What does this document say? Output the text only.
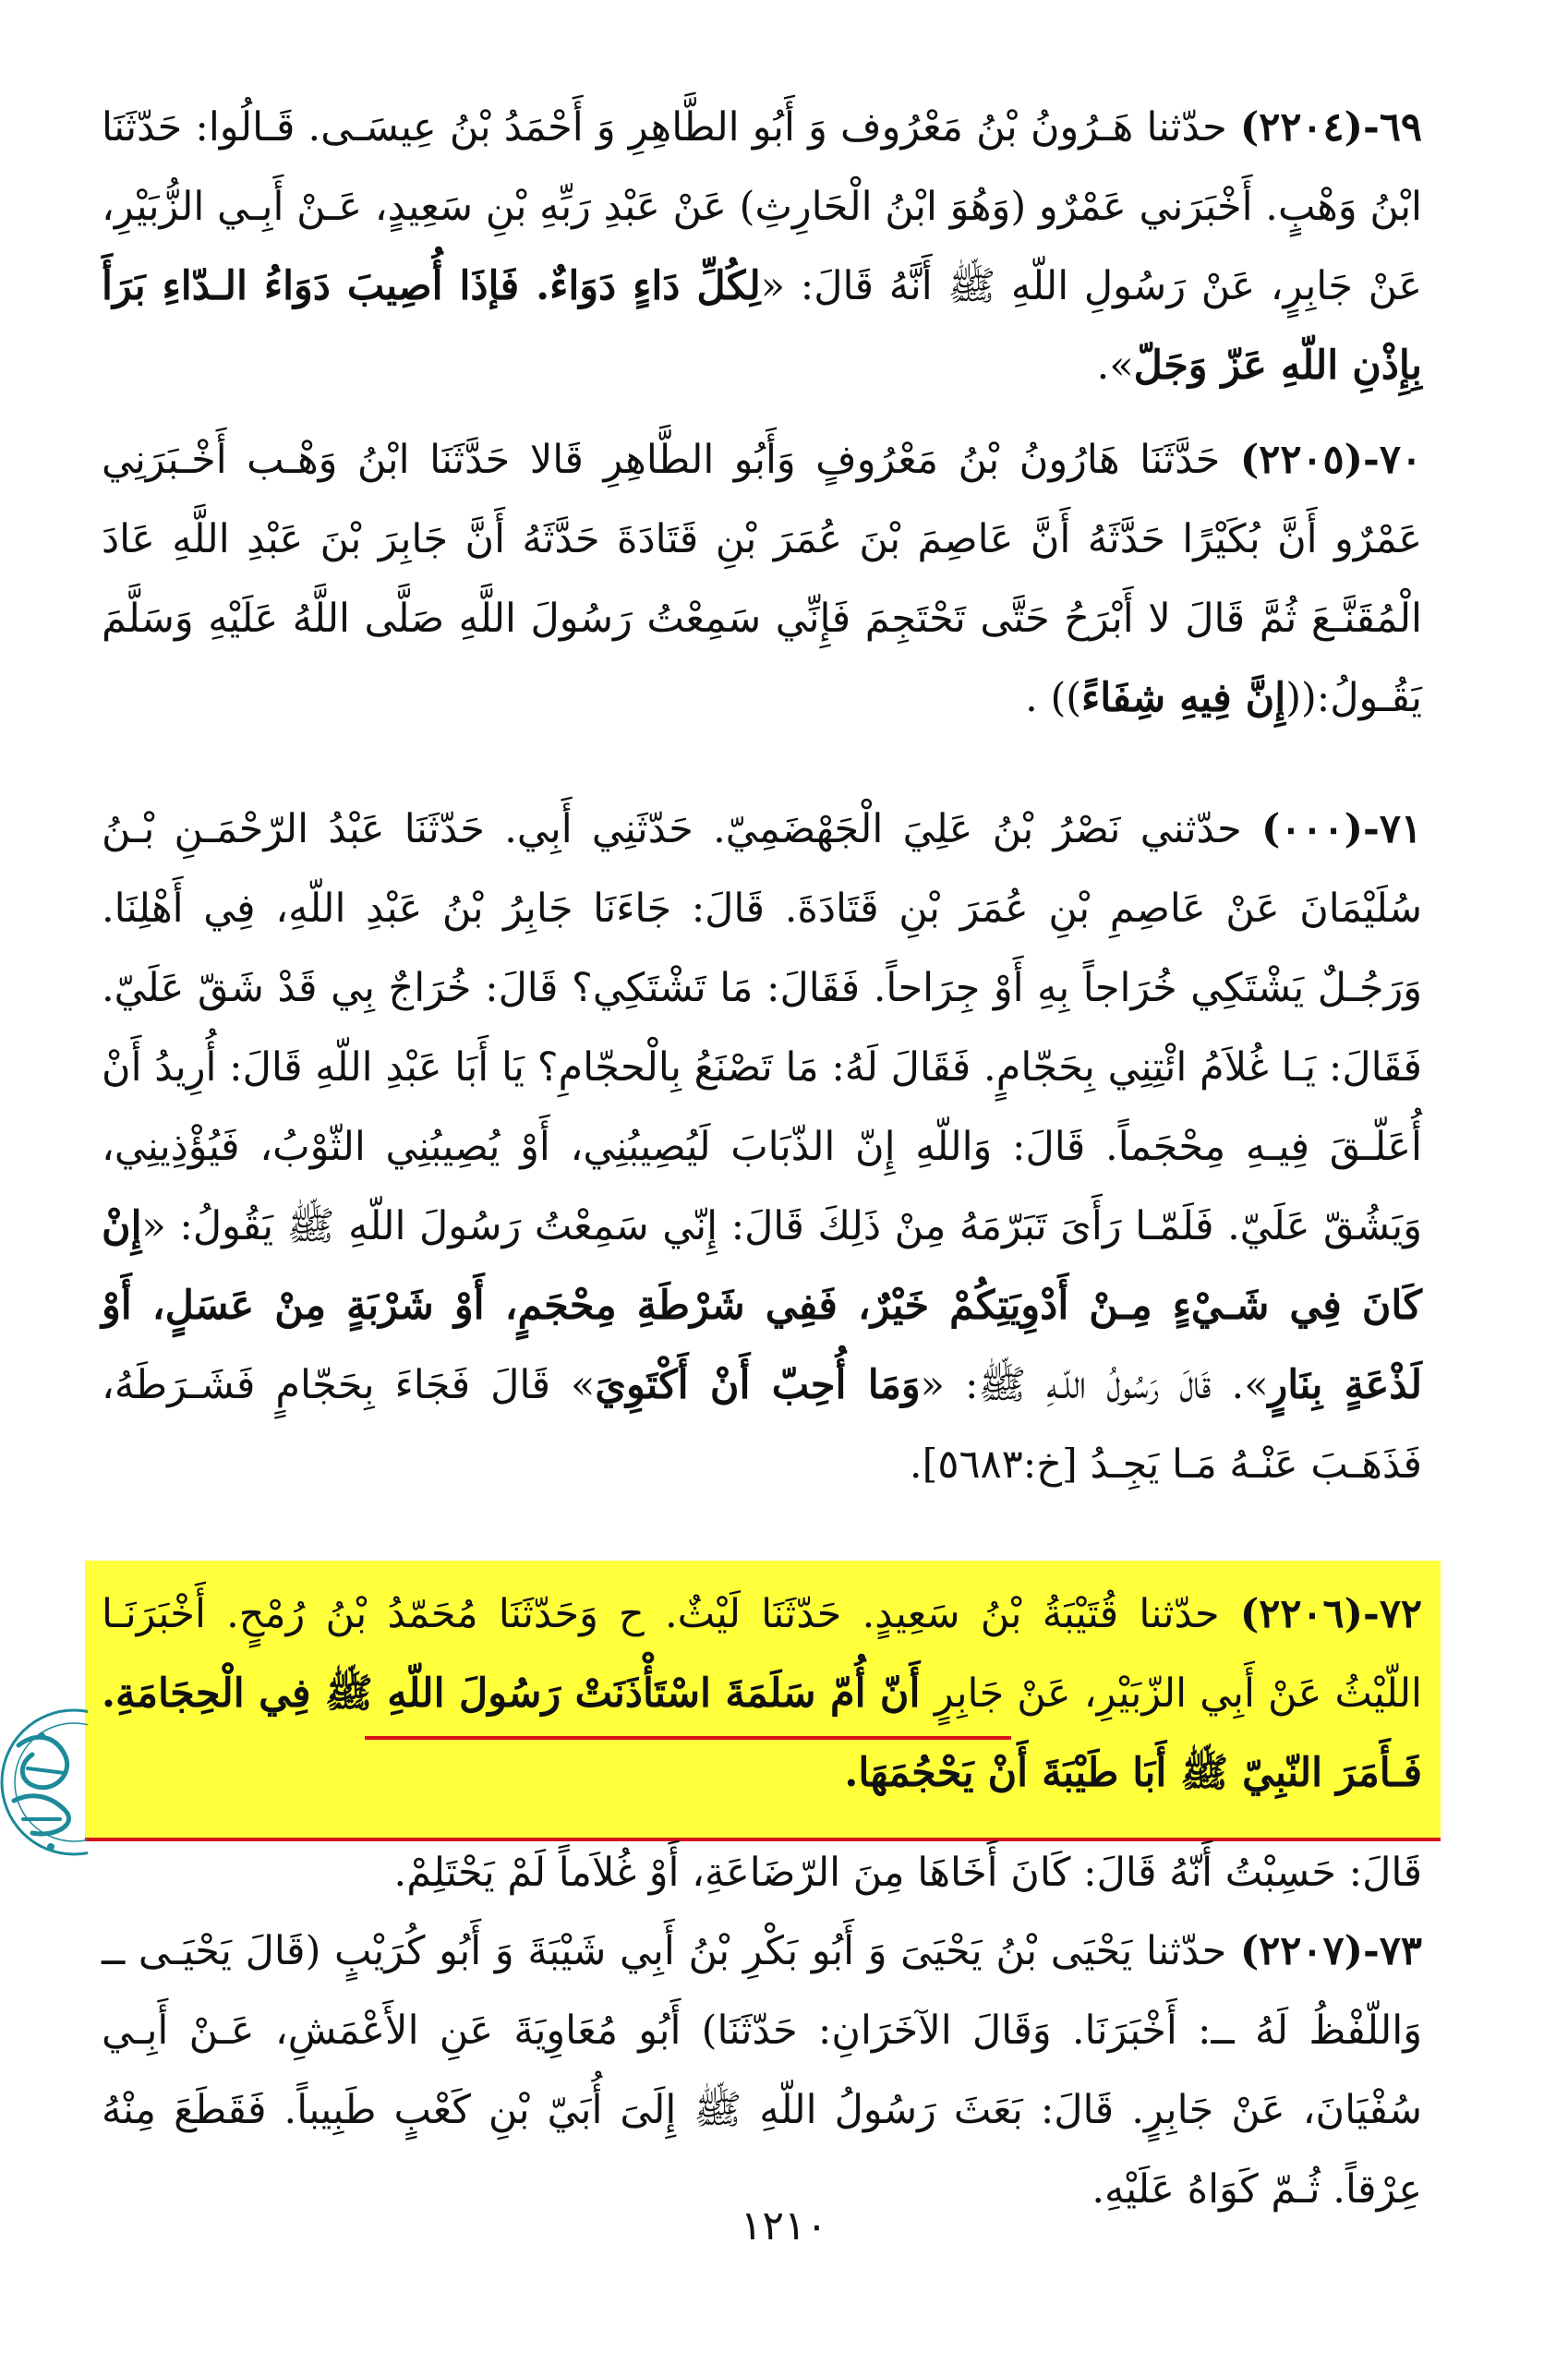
٦٩-(٢٢٠٤) حدّثنا هَـرُونُ بْنُ مَعْرُوف وَ أَبُو الطَّاهِرِ وَ أَحْمَدُ بْنُ عِيسَـى. قَـالُوا: حَدّثَنَا ابْنُ وَهْبٍ. أَخْبَرَني عَمْرٌو (وَهُوَ ابْنُ الْحَارِثِ) عَنْ عَبْدِ رَبِّهِ بْنِ سَعِيدٍ، عَـنْ أَبِـي الزُّبَيْرِ، عَنْ جَابِرٍ، عَنْ رَسُولِ اللّهِ ﷺ أَنَّهُ قَالَ: «لِكُلِّ دَاءٍ دَوَاءٌ. فَإذَا أُصِيبَ دَوَاءُ الـدّاءِ بَرَأَ بِإِذْنِ اللّهِ عَزّ وَجَلّ».
٧٠-(٢٢٠٥) حَدَّثَنَا هَارُونُ بْنُ مَعْرُوفٍ وَأَبُو الطَّاهِرِ قَالا حَدَّثَنَا ابْنُ وَهْـب أَخْـبَرَنِي عَمْرٌو أَنَّ بُكَيْرًا حَدَّثَهُ أَنَّ عَاصِمَ بْنَ عُمَرَ بْنِ قَتَادَةَ حَدَّثَهُ أَنَّ جَابِرَ بْنَ عَبْدِ اللَّهِ عَادَ الْمُقَنَّـعَ ثُمَّ قَالَ لا أَبْرَحُ حَتَّى تَحْتَجِمَ فَإِنِّي سَمِعْتُ رَسُولَ اللَّهِ صَلَّى اللَّهُ عَلَيْهِ وَسَلَّمَ يَقُـولُ:((إِنَّ فِيهِ شِفَاءً)) .
٧١-(٠٠٠) حدّثني نَصْرُ بْنُ عَلِيَ الْجَهْضَمِيّ. حَدّثَنِي أَبِي. حَدّثَنَا عَبْدُ الرّحْمَـنِ بْـنُ سُلَيْمَانَ عَنْ عَاصِمِ بْنِ عُمَرَ بْنِ قَتَادَةَ. قَالَ: جَاءَنَا جَابِرُ بْنُ عَبْدِ اللّهِ، فِي أَهْلِنَا. وَرَجُـلٌ يَشْتَكِي خُرَاجاً بِهِ أَوْ جِرَاحاً. فَقَالَ: مَا تَشْتَكِي؟ قَالَ: خُرَاجٌ بِي قَدْ شَقّ عَلَيّ. فَقَالَ: يَـا غُلاَمُ ائْتِنِي بِحَجّامٍ. فَقَالَ لَهُ: مَا تَصْنَعُ بِالْحجّامِ؟ يَا أَبَا عَبْدِ اللّهِ قَالَ: أُرِيدُ أَنْ أُعَلّـقَ فِيـهِ مِحْجَماً. قَالَ: وَاللّهِ إِنّ الذّبَابَ لَيُصِيبُنِي، أَوْ يُصِيبُنِي الثّوْبُ، فَيُؤْذِينِي، وَيَشُقّ عَلَيّ. فَلَمّـا رَأَىَ تَبَرّمَهُ مِنْ ذَلِكَ قَالَ: إِنّي سَمِعْتُ رَسُولَ اللّهِ ﷺ يَقُولُ: «إِنْ كَانَ فِي شَـيْءٍ مِـنْ أَدْوِيَتِكُمْ خَيْرٌ، فَفِي شَرْطَةِ مِحْجَمٍ، أَوْ شَرْبَةٍ مِنْ عَسَلٍ، أَوْ لَذْعَةٍ بِنَارٍ». قَالَ رَسُولُ اللّـهِ ﷺ: «وَمَا أُحِبّ أَنْ أَكْتَوِيَ» قَالَ فَجَاءَ بِحَجّامٍ فَشَـرَطَهُ، فَذَهَـبَ عَنْـهُ مَـا يَجِـدُ [خ:٥٦٨٣].
٧٢-(٢٢٠٦) حدّثنا قُتَيْبَةُ بْنُ سَعِيدٍ. حَدّثَنَا لَيْثٌ. ح وَحَدّثَنَا مُحَمّدُ بْنُ رُمْحٍ. أَخْبَرَنَـا اللّيْثُ عَنْ أَبِي الزّبَيْرِ، عَنْ جَابِرٍ أَنّ أُمّ سَلَمَةَ اسْتَأْذَنَتْ رَسُولَ اللّهِ ﷺ فِي الْحِجَامَةِ. فَـأَمَرَ النّبِيّ ﷺ أَبَا طَيْبَةَ أَنْ يَحْجُمَهَا.
قَالَ: حَسِبْتُ أَنّهُ قَالَ: كَانَ أَخَاهَا مِنَ الرّضَاعَةِ، أَوْ غُلاَماً لَمْ يَحْتَلِمْ.
٧٣-(٢٢٠٧) حدّثنا يَحْيَى بْنُ يَحْيَىَ وَ أَبُو بَكْرِ بْنُ أَبِي شَيْبَةَ وَ أَبُو كُرَيْبٍ (قَالَ يَحْيَـى ــ وَاللّفْظُ لَهُ ــ: أَخْبَرَنَا. وَقَالَ الآخَرَانِ: حَدّثَنَا) أَبُو مُعَاوِيَةَ عَنِ الأَعْمَشِ، عَـنْ أَبِـي سُفْيَانَ، عَنْ جَابِرٍ. قَالَ: بَعَثَ رَسُولُ اللّهِ ﷺ إِلَىَ أُبَيّ بْنِ كَعْبٍ طَبِيباً. فَقَطَعَ مِنْهُ عِرْقاً. ثُـمّ كَوَاهُ عَلَيْهِ.
١٢١٠
